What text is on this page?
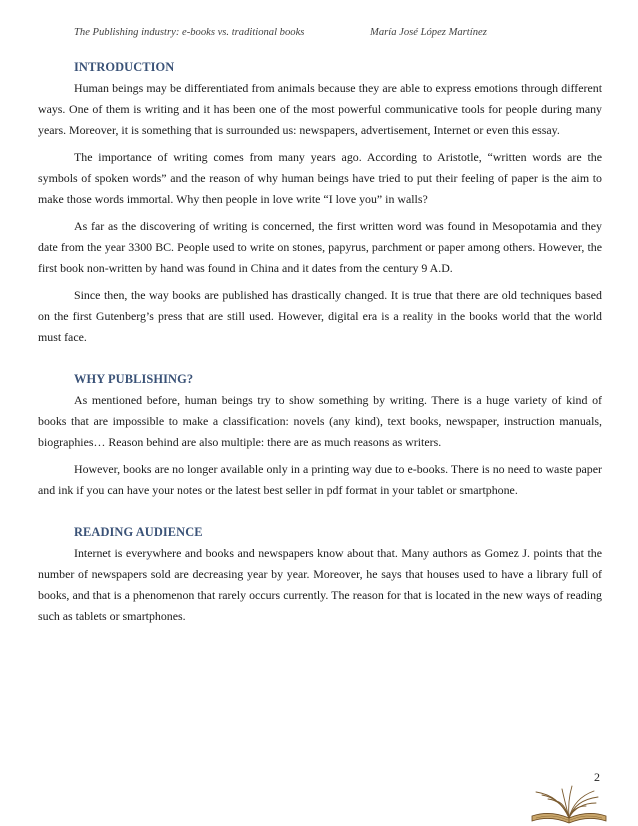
The Publishing industry: e-books vs. traditional books	María José López Martínez
INTRODUCTION

Human beings may be differentiated from animals because they are able to express emotions through different ways. One of them is writing and it has been one of the most powerful communicative tools for people during many years. Moreover, it is something that is surrounded us: newspapers, advertisement, Internet or even this essay.

The importance of writing comes from many years ago. According to Aristotle, “written words are the symbols of spoken words” and the reason of why human beings have tried to put their feeling of paper is the aim to make those words immortal. Why then people in love write “I love you” in walls?

As far as the discovering of writing is concerned, the first written word was found in Mesopotamia and they date from the year 3300 BC. People used to write on stones, papyrus, parchment or paper among others. However, the first book non-written by hand was found in China and it dates from the century 9 A.D.

Since then, the way books are published has drastically changed. It is true that there are old techniques based on the first Gutenberg’s press that are still used. However, digital era is a reality in the books world that the world must face.

WHY PUBLISHING?

As mentioned before, human beings try to show something by writing. There is a huge variety of kind of books that are impossible to make a classification: novels (any kind), text books, newspaper, instruction manuals, biographies… Reason behind are also multiple: there are as much reasons as writers.

However, books are no longer available only in a printing way due to e-books. There is no need to waste paper and ink if you can have your notes or the latest best seller in pdf format in your tablet or smartphone.

READING AUDIENCE

Internet is everywhere and books and newspapers know about that. Many authors as Gomez J. points that the number of newspapers sold are decreasing year by year. Moreover, he says that houses used to have a library full of books, and that is a phenomenon that rarely occurs currently. The reason for that is located in the new ways of reading such as tablets or smartphones.

2
